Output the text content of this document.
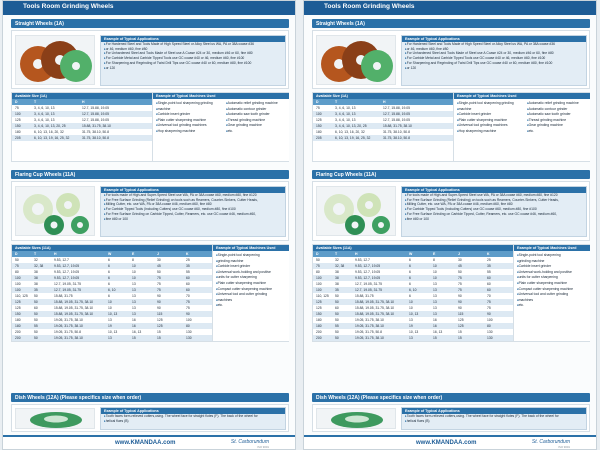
Tools Room Grinding Wheels
Straight Wheels (1A)
Example of Typical Applications
▸ For Hardened Steel and Tools Made of High Speed Steel or Alloy Steel us WA, PA or 38A coase #36
▸ or 46, medium #60, fine #80
▸ For Unhardened Steel and Tools Made of Steel use A Coase #24 or 30, medium #46 or 60, fine #80
▸ For Carbide Metal and Carbide Tipped Tools use GC coase #40 or 46, medium #60, fine #100
▸ For Sharpening and Regrinding of Twist Drill Tips use GC coase #40 or 60, medium #80, fine #100
▸ or 120
Available Size (1A)
D	T	H
75	3, 4, 6, 10, 13	12.7, 15.88, 19.05
100	3, 4, 6, 10, 13	12.7, 15.88, 19.05
125	3, 4, 6, 10, 13	12.7, 15.88, 19.05
150	3, 4, 6, 10, 13, 20, 25	15.88, 31.75, 38.10
180	6, 10, 13, 16, 20, 32	31.75, 38.10, 50.8
205	6, 10, 13, 19, 16, 25, 32	31.75, 38.10, 50.8
Example of Typical Machines Used
■ Single-point tool sharpening grinding
■ machine
■ Carbide insert grinder
■ Plain cutter sharpening machine
■ Universal tool grinding machines
■ Hop sharpening machine
■ Automatic relief grinding machine
■ Automatic contour grinder
■ Automatic saw tooth grinder
■ Thread grinding machine
■ Gear grinding machine
■ etc.
Flaring Cup Wheels (11A)
Example of Typical Applications
▸ For tools made of High-and Super-Speed Steel use WA, PA or 38A coase #60, medium #80, fine #120
▸ For Free Surface Grinding (Relief Grinding) on tools such as Reamers, Counter-Sinkers, Cutter Heads,
▸ Milling Cutter, etc. use WA, PA or 38A coase #46, medium #60, fine #80
▸ For Carbide Tipped Tools (Including Cutters) use GC coase #60, medium #80, fine #100
▸ For Free Surface Grinding on Carbide Tipped, Cutter, Reamers, etc. use GC coase #46, medium #60,
▸ fine #80 or 100
Available Sizes (11A)
D	T	H	W	E	J	K
50	32	9.53, 12.7	6	8	30	25
75	32, 38	9.53, 12.7, 19.05	6	10	45	35
80	38	9.53, 12.7, 19.05	6	10	50	55
100	38	9.53, 12.7, 19.05	6	10	75	60
100	38	12.7, 19.05, 31.75	6	13	75	60
100	35	12.7, 19.05, 31.75	6, 10	13	75	60
110, 125 50	15.88, 31.75	6	13	90	70
125	50	15.88, 19.05, 31.75, 38.10	10	13	90	75
125	60	15.88, 19.05, 31.75, 38.10	10	13	90	75
150	50	15.88, 19.05, 31.75, 38.10	10, 13	13	115	90
180	50	19.05, 31.75, 38.10	13	16	125	100
180	55	19.05, 31.75, 38.10	19	16	125	80
200	50	19.05, 31.75, 50.8	10, 13	16, 13	15	130
200	50	19.05, 31.75, 38.10	13	15	15	130
Example of Typical Machines Used
■ Single-point tool sharpening
■ grinding machine
■ Carbide insert grinder
■ Universal work-holding and positive
■ units for cutter sharpening
■ Plain cutter sharpening machine
■ Compact cutter sharpening machine
■ Universal tool and cutter grinding
■ machines
■ etc.
Dish Wheels (12A) (Please specifics size when order)
Example of Typical Applications
▸ Tooth faces form-relieved cutters,using. The wheel face for straight flutes (F). The back of the wheel for
▸ helical flues (B)
www.KMANDAA.com	St. Carborundum
ISO 9001
Tools Room Grinding Wheels
Straight Wheels (1A)
Example of Typical Applications
▸ For Hardened Steel and Tools Made of High Speed Steel or Alloy Steel us WA, PA or 38A coase #36
▸ or 46, medium #60, fine #80
▸ For Unhardened Steel and Tools Made of Steel use A Coase #24 or 30, medium #46 or 60, fine #80
▸ For Carbide Metal and Carbide Tipped Tools use GC coase #40 or 46, medium #60, fine #100
▸ For Sharpening and Regrinding of Twist Drill Tips use GC coase #40 or 60, medium #80, fine #100
▸ or 120
Available Size (1A)
D	T	H
75	3, 4, 6, 10, 13	12.7, 15.88, 19.05
100	3, 4, 6, 10, 13	12.7, 15.88, 19.05
125	3, 4, 6, 10, 13	12.7, 15.88, 19.05
150	3, 4, 6, 10, 13, 20, 25	15.88, 31.75, 38.10
180	6, 10, 13, 16, 20, 32	31.75, 38.10, 50.8
205	6, 10, 13, 19, 16, 25, 32	31.75, 38.10, 50.8
Example of Typical Machines Used
■ Single-point tool sharpening grinding
■ machine
■ Carbide insert grinder
■ Plain cutter sharpening machine
■ Universal tool grinding machines
■ Hop sharpening machine
■ Automatic relief grinding machine
■ Automatic contour grinder
■ Automatic saw tooth grinder
■ Thread grinding machine
■ Gear grinding machine
■ etc.
Flaring Cup Wheels (11A)
Example of Typical Applications
▸ For tools made of High-and Super-Speed Steel use WA, PA or 38A coase #60, medium #80, fine #120
▸ For Free Surface Grinding (Relief Grinding) on tools such as Reamers, Counter-Sinkers, Cutter Heads,
▸ Milling Cutter, etc. use WA, PA or 38A coase #46, medium #60, fine #80
▸ For Carbide Tipped Tools (Including Cutters) use GC coase #60, medium #80, fine #100
▸ For Free Surface Grinding on Carbide Tipped, Cutter, Reamers, etc. use GC coase #46, medium #60,
▸ fine #80 or 100
Available Sizes (11A)
D	T	H	W	E	J	K
50	32	9.53, 12.7	6	8	30	25
75	32, 38	9.53, 12.7, 19.05	6	10	45	35
80	38	9.53, 12.7, 19.05	6	10	50	55
100	38	9.53, 12.7, 19.05	6	10	75	60
100	38	12.7, 19.05, 31.75	6	13	75	60
100	35	12.7, 19.05, 31.75	6, 10	13	75	60
110, 125 50	15.88, 31.75	6	13	90	70
125	50	15.88, 19.05, 31.75, 38.10	10	13	90	75
125	60	15.88, 19.05, 31.75, 38.10	10	13	90	75
150	50	15.88, 19.05, 31.75, 38.10	10, 13	13	115	90
180	50	19.05, 31.75, 38.10	13	16	125	100
180	55	19.05, 31.75, 38.10	19	16	125	80
200	50	19.05, 31.75, 50.8	10, 13	16, 13	15	130
200	50	19.05, 31.75, 38.10	13	15	15	130
Example of Typical Machines Used
■ Single-point tool sharpening
■ grinding machine
■ Carbide insert grinder
■ Universal work-holding and positive
■ units for cutter sharpening
■ Plain cutter sharpening machine
■ Compact cutter sharpening machine
■ Universal tool and cutter grinding
■ machines
■ etc.
Dish Wheels (12A) (Please specifics size when order)
Example of Typical Applications
▸ Tooth faces form-relieved cutters,using. The wheel face for straight flutes (F). The back of the wheel for
▸ helical flues (B)
www.KMANDAA.com	St. Carborundum
ISO 9001
